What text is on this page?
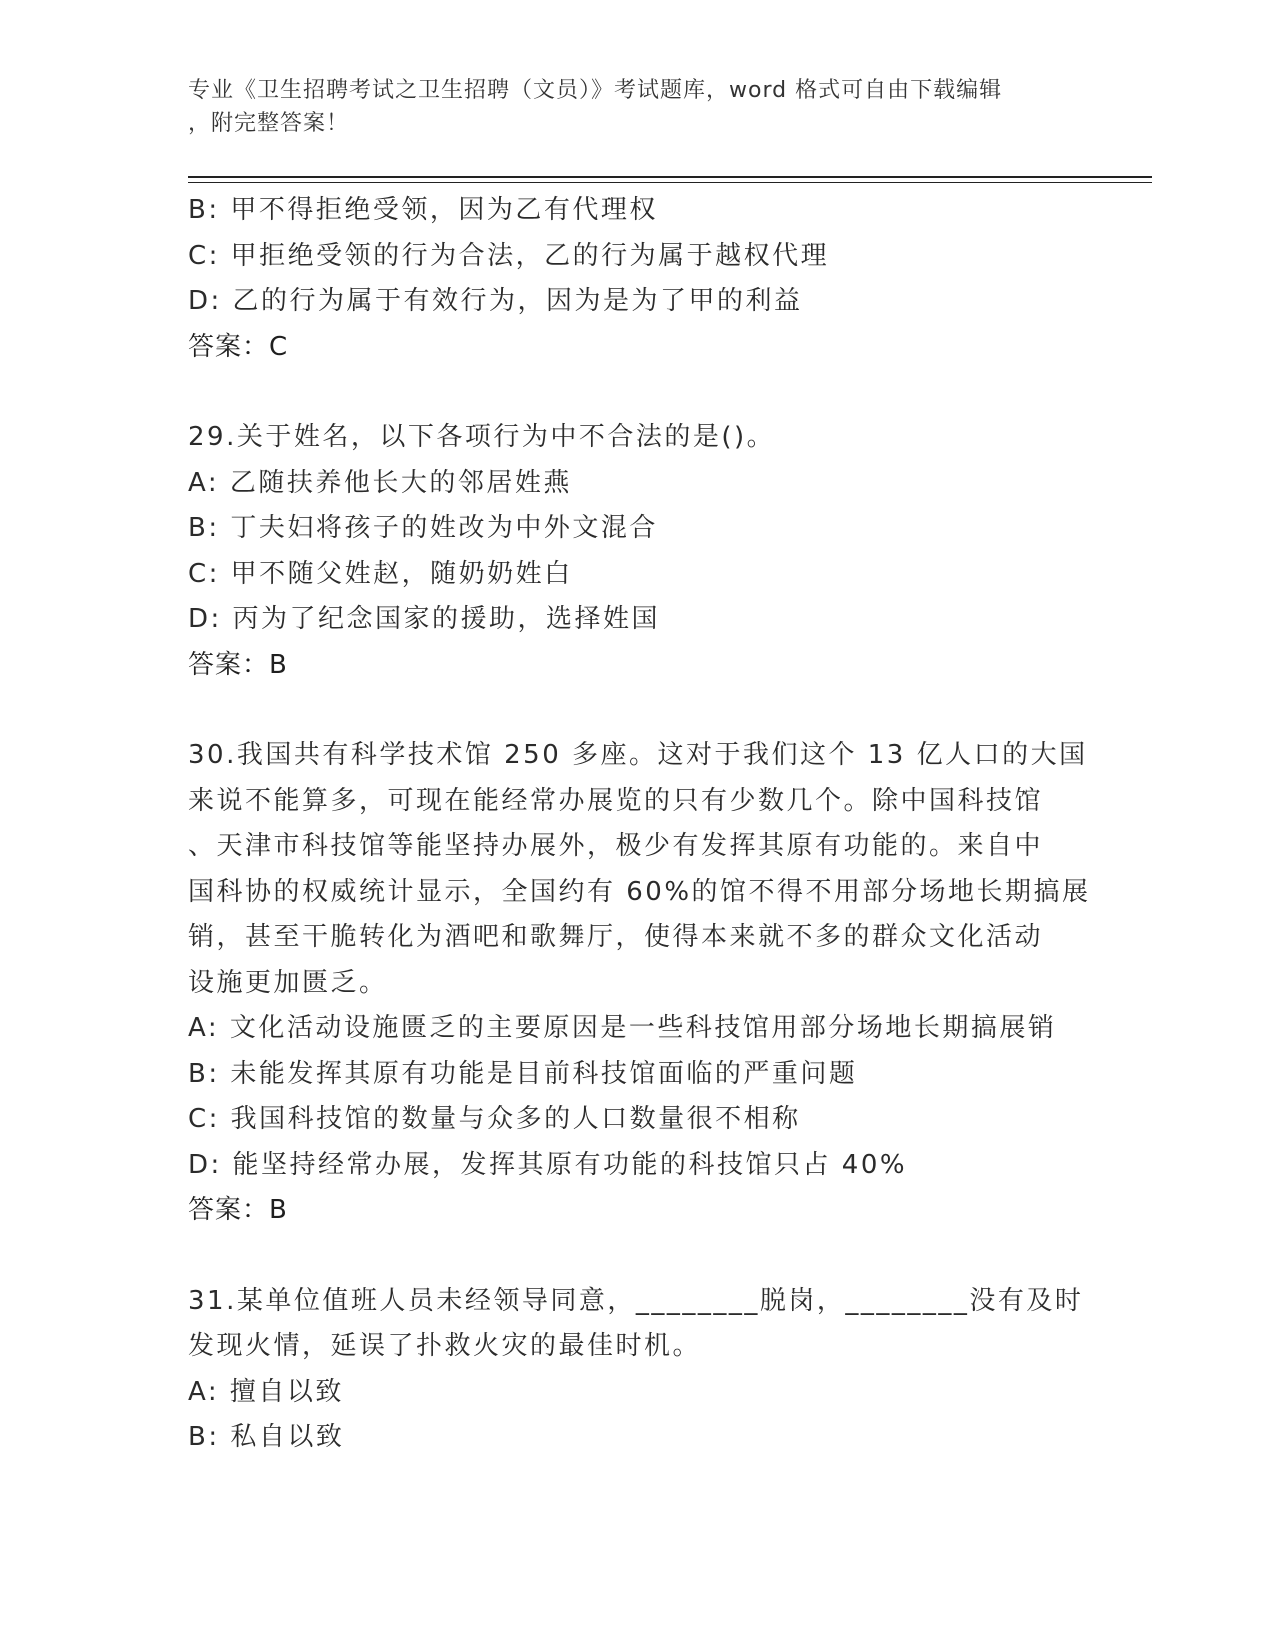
专业《卫生招聘考试之卫生招聘（文员）》考试题库，word 格式可自由下载编辑
，附完整答案！
B: 甲不得拒绝受领，因为乙有代理权
C: 甲拒绝受领的行为合法，乙的行为属于越权代理
D: 乙的行为属于有效行为，因为是为了甲的利益
答案：C
29.关于姓名，以下各项行为中不合法的是()。
A: 乙随扶养他长大的邻居姓燕
B: 丁夫妇将孩子的姓改为中外文混合
C: 甲不随父姓赵，随奶奶姓白
D: 丙为了纪念国家的援助，选择姓国
答案：B
30.我国共有科学技术馆 250 多座。这对于我们这个 13 亿人口的大国
来说不能算多，可现在能经常办展览的只有少数几个。除中国科技馆
、天津市科技馆等能坚持办展外，极少有发挥其原有功能的。来自中
国科协的权威统计显示，全国约有 60%的馆不得不用部分场地长期搞展
销，甚至干脆转化为酒吧和歌舞厅，使得本来就不多的群众文化活动
设施更加匮乏。
A: 文化活动设施匮乏的主要原因是一些科技馆用部分场地长期搞展销
B: 未能发挥其原有功能是目前科技馆面临的严重问题
C: 我国科技馆的数量与众多的人口数量很不相称
D: 能坚持经常办展，发挥其原有功能的科技馆只占 40%
答案：B
31.某单位值班人员未经领导同意，________脱岗，________没有及时
发现火情，延误了扑救火灾的最佳时机。
A: 擅自以致
B: 私自以致
